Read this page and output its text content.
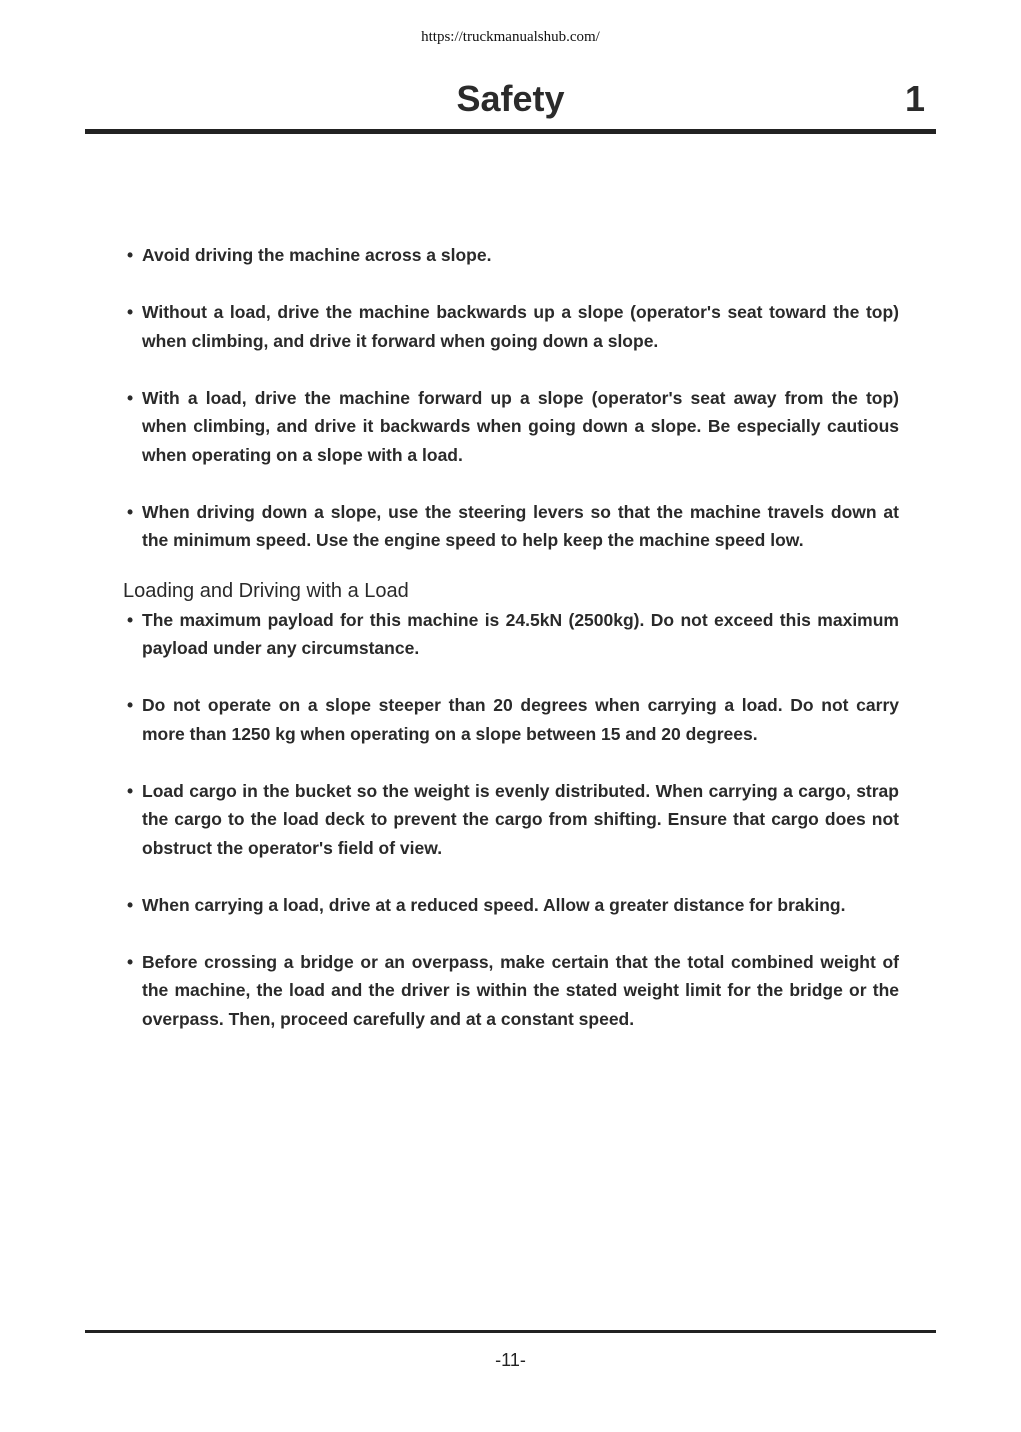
https://truckmanualshub.com/
Safety	1
• Avoid driving the machine across a slope.
• Without a load, drive the machine backwards up a slope (operator's seat toward the top) when climbing, and drive it forward when going down a slope.
• With a load, drive the machine forward up a slope (operator's seat away from the top) when climbing, and drive it backwards when going down a slope. Be especially cautious when operating on a slope with a load.
• When driving down a slope, use the steering levers so that the machine travels down at the minimum speed. Use the engine speed to help keep the machine speed low.
Loading and Driving with a Load
• The maximum payload for this machine is 24.5kN (2500kg). Do not exceed this maximum payload under any circumstance.
• Do not operate on a slope steeper than 20 degrees when carrying a load. Do not carry more than 1250 kg when operating on a slope between 15 and 20 degrees.
• Load cargo in the bucket so the weight is evenly distributed. When carrying a cargo, strap the cargo to the load deck to prevent the cargo from shifting. Ensure that cargo does not obstruct the operator's field of view.
• When carrying a load, drive at a reduced speed. Allow a greater distance for braking.
• Before crossing a bridge or an overpass, make certain that the total combined weight of the machine, the load and the driver is within the stated weight limit for the bridge or the overpass. Then, proceed carefully and at a constant speed.
-11-
